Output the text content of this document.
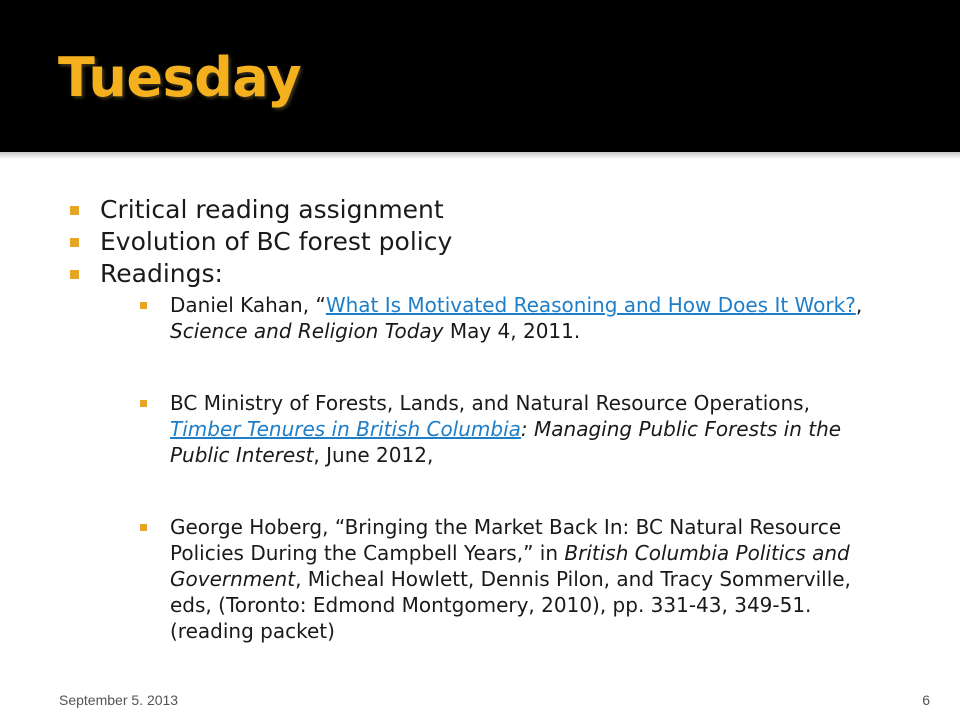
Tuesday
Critical reading assignment
Evolution of BC forest policy
Readings:
Daniel Kahan, “What Is Motivated Reasoning and How Does It Work?, Science and Religion Today May 4, 2011.
BC Ministry of Forests, Lands, and Natural Resource Operations, Timber Tenures in British Columbia: Managing Public Forests in the Public Interest, June 2012,
George Hoberg, “Bringing the Market Back In: BC Natural Resource Policies During the Campbell Years,” in British Columbia Politics and Government, Micheal Howlett, Dennis Pilon, and Tracy Sommerville, eds, (Toronto: Edmond Montgomery, 2010), pp. 331-43, 349-51. (reading packet)
September 5. 2013	6
